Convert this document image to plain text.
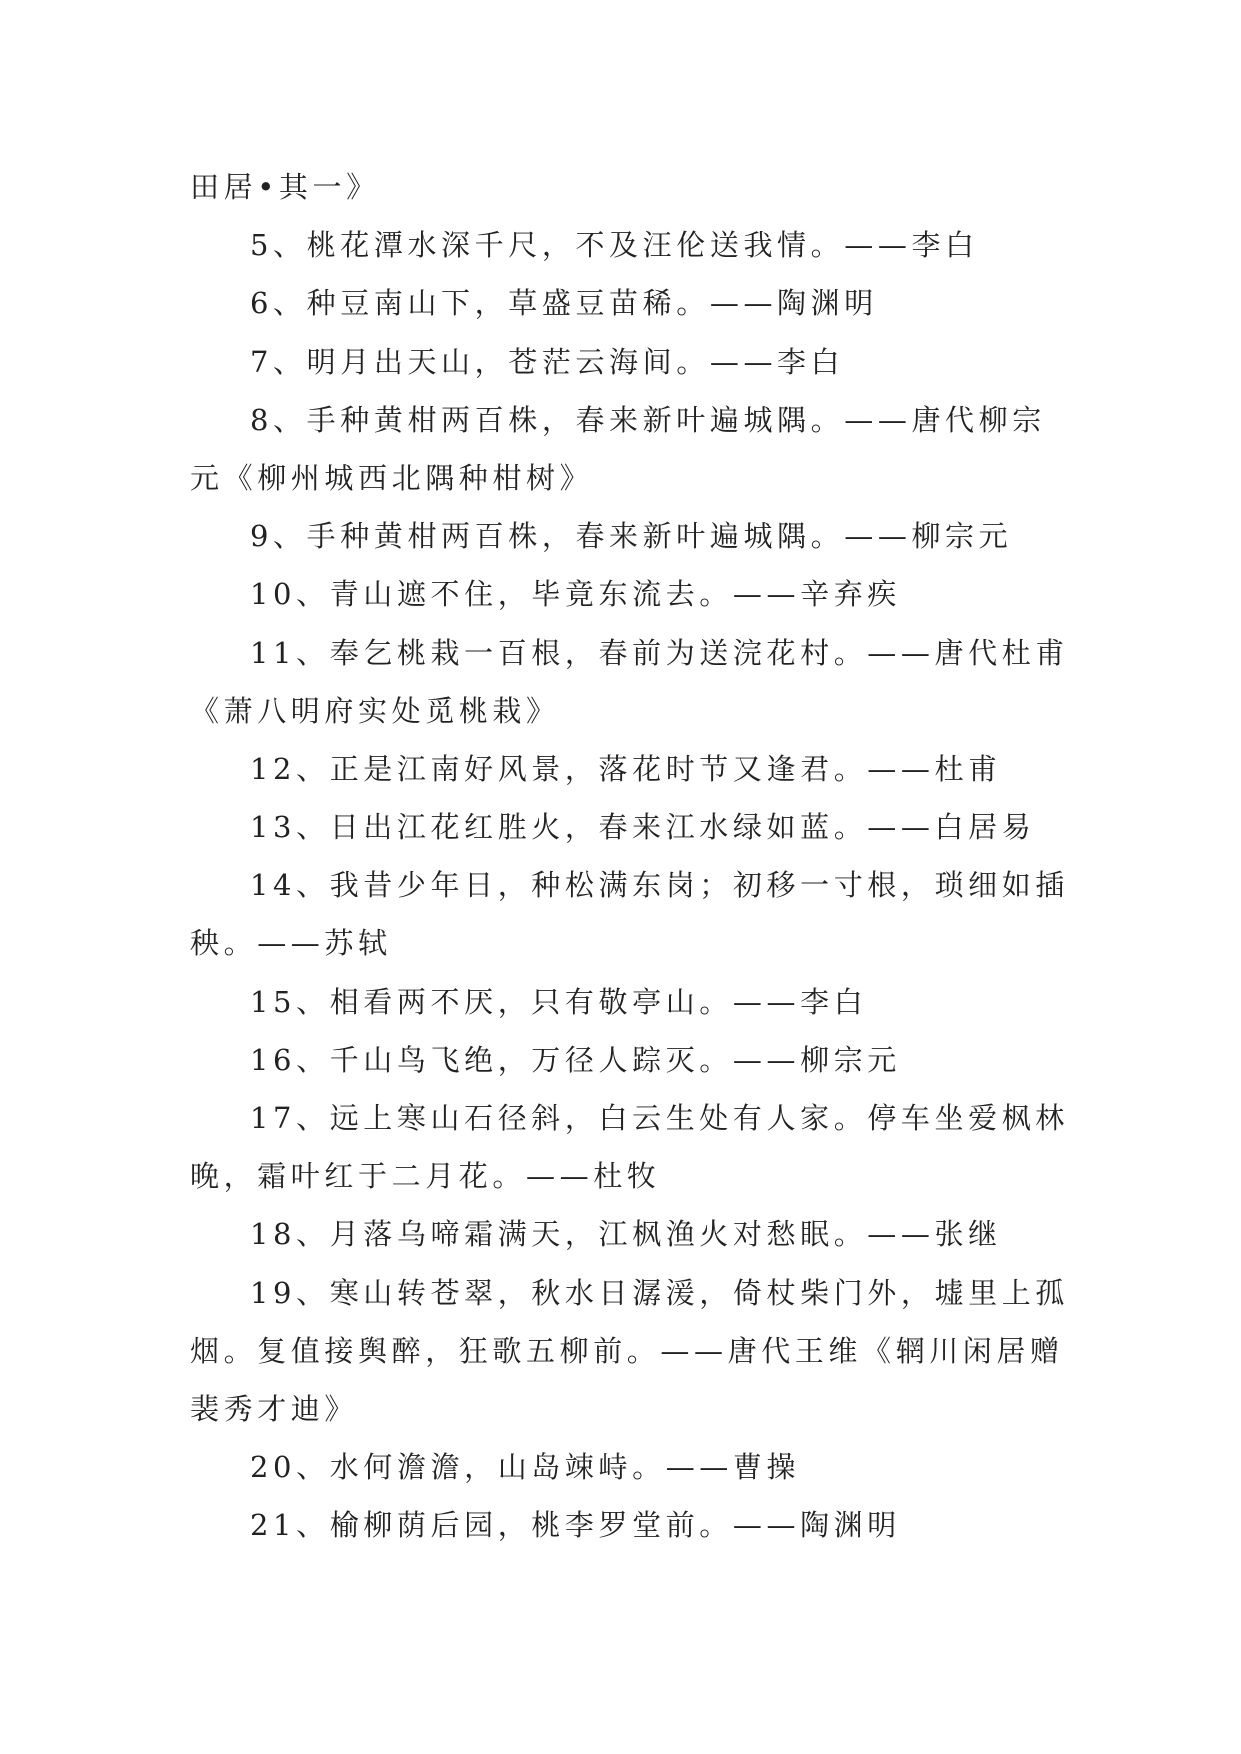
田居•其一》
5、桃花潭水深千尺，不及汪伦送我情。——李白
6、种豆南山下，草盛豆苗稀。——陶渊明
7、明月出天山，苍茫云海间。——李白
8、手种黄柑两百株，春来新叶遍城隅。——唐代柳宗
元《柳州城西北隅种柑树》
9、手种黄柑两百株，春来新叶遍城隅。——柳宗元
10、青山遮不住，毕竟东流去。——辛弃疾
11、奉乞桃栽一百根，春前为送浣花村。——唐代杜甫
《萧八明府实处觅桃栽》
12、正是江南好风景，落花时节又逢君。——杜甫
13、日出江花红胜火，春来江水绿如蓝。——白居易
14、我昔少年日，种松满东岗；初移一寸根，琐细如插
秧。——苏轼
15、相看两不厌，只有敬亭山。——李白
16、千山鸟飞绝，万径人踪灭。——柳宗元
17、远上寒山石径斜，白云生处有人家。停车坐爱枫林
晚，霜叶红于二月花。——杜牧
18、月落乌啼霜满天，江枫渔火对愁眠。——张继
19、寒山转苍翠，秋水日潺湲，倚杖柴门外，墟里上孤
烟。复值接舆醉，狂歌五柳前。——唐代王维《辋川闲居赠
裴秀才迪》
20、水何澹澹，山岛竦峙。——曹操
21、榆柳荫后园，桃李罗堂前。——陶渊明
